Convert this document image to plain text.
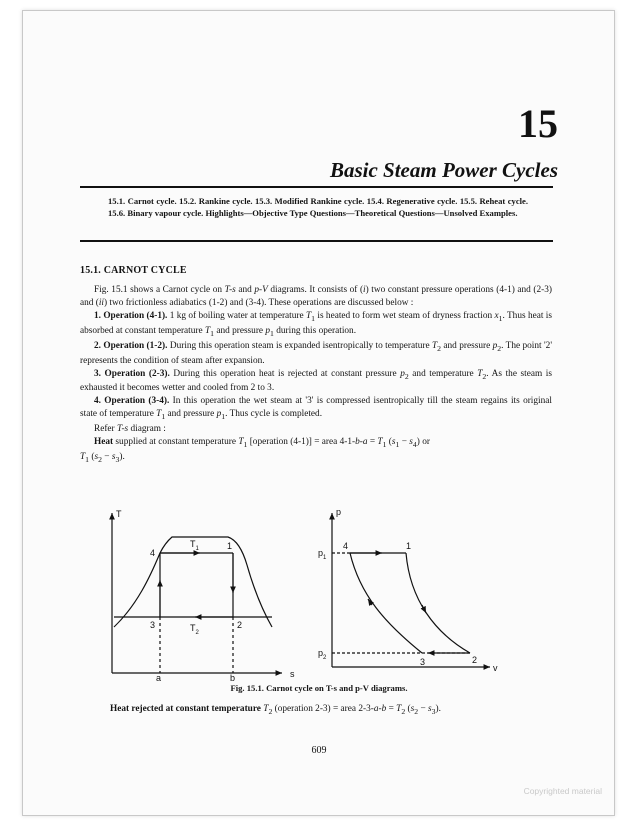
15
Basic Steam Power Cycles
15.1. Carnot cycle. 15.2. Rankine cycle. 15.3. Modified Rankine cycle. 15.4. Regenerative cycle. 15.5. Reheat cycle. 15.6. Binary vapour cycle. Highlights—Objective Type Questions—Theoretical Questions—Unsolved Examples.
15.1. CARNOT CYCLE

Fig. 15.1 shows a Carnot cycle on T-s and p-V diagrams. It consists of (i) two constant pressure operations (4-1) and (2-3) and (ii) two frictionless adiabatics (1-2) and (3-4). These operations are discussed below :

1. Operation (4-1). 1 kg of boiling water at temperature $T_1$ is heated to form wet steam of dryness fraction $x_1$. Thus heat is absorbed at constant temperature $T_1$ and pressure $p_1$ during this operation.

2. Operation (1-2). During this operation steam is expanded isentropically to temperature $T_2$ and pressure $p_2$. The point '2' represents the condition of steam after expansion.

3. Operation (2-3). During this operation heat is rejected at constant pressure $p_2$ and temperature $T_2$. As the steam is exhausted it becomes wetter and cooled from 2 to 3.

4. Operation (3-4). In this operation the wet steam at '3' is compressed isentropically till the steam regains its original state of temperature $T_1$ and pressure $p_1$. Thus cycle is completed.

Refer T-s diagram :

Heat supplied at constant temperature $T_1$ [operation (4-1)] = area $4-1-b-a = T_1$ $(s_1 - s_4)$ or
$T_1$ $(s_2 - s_3)$.

T
s
4
1
3	2
$T_1$
$T_2$
a	b
p
v
$p_1$
$p_2$
4	1
3	2
Fig. 15.1. Carnot cycle on T-s and p-V diagrams.
Heat rejected at constant temperature $T_2$ (operation 2-3) = area $2-3-a-b = T_2$ $(s_2 - s_3)$.
609
Copyrighted material
